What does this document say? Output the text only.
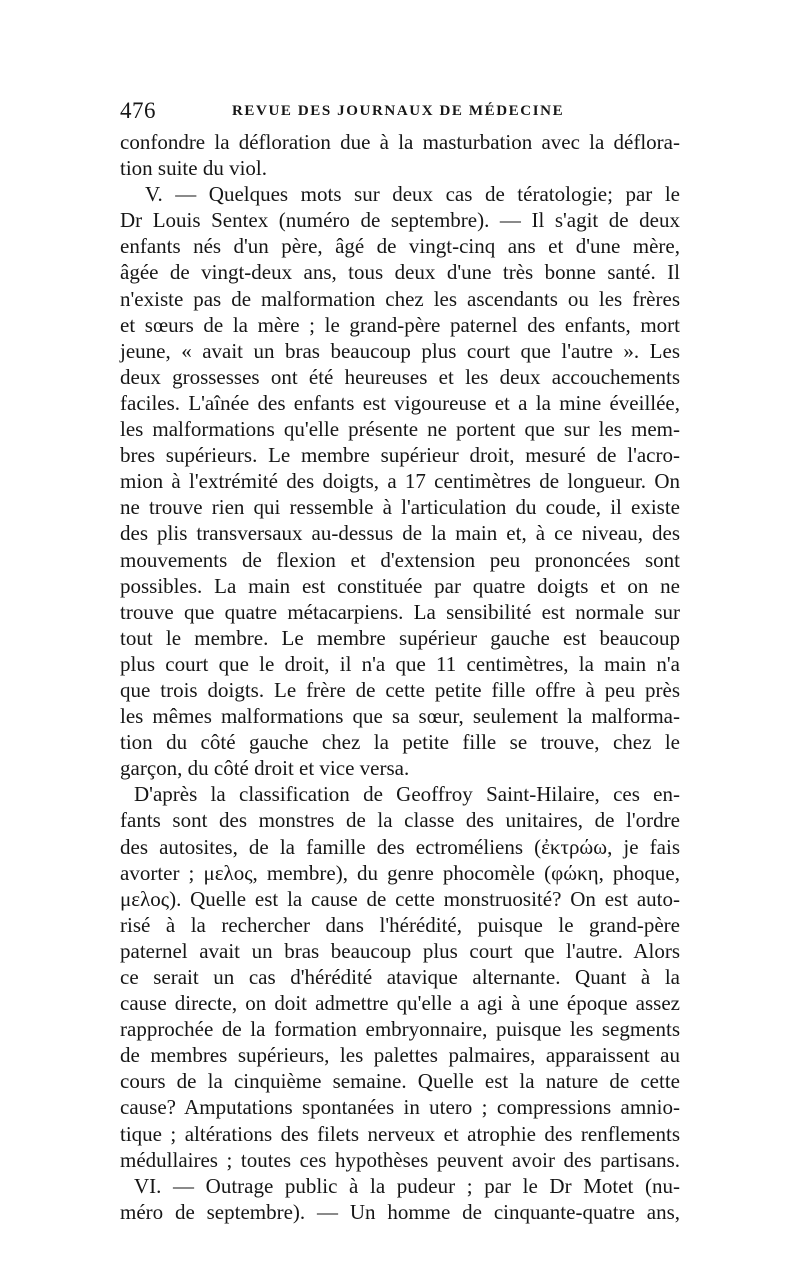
476	REVUE DES JOURNAUX DE MÉDECINE
confondre la défloration due à la masturbation avec la déflora-
tion suite du viol.
V. — Quelques mots sur deux cas de tératologie; par le
Dr Louis Sentex (numéro de septembre). — Il s'agit de deux
enfants nés d'un père, âgé de vingt-cinq ans et d'une mère,
âgée de vingt-deux ans, tous deux d'une très bonne santé. Il
n'existe pas de malformation chez les ascendants ou les frères
et sœurs de la mère ; le grand-père paternel des enfants, mort
jeune, « avait un bras beaucoup plus court que l'autre ». Les
deux grossesses ont été heureuses et les deux accouchements
faciles. L'aînée des enfants est vigoureuse et a la mine éveillée,
les malformations qu'elle présente ne portent que sur les mem-
bres supérieurs. Le membre supérieur droit, mesuré de l'acro-
mion à l'extrémité des doigts, a 17 centimètres de longueur. On
ne trouve rien qui ressemble à l'articulation du coude, il existe
des plis transversaux au-dessus de la main et, à ce niveau, des
mouvements de flexion et d'extension peu prononcées sont
possibles. La main est constituée par quatre doigts et on ne
trouve que quatre métacarpiens. La sensibilité est normale sur
tout le membre. Le membre supérieur gauche est beaucoup
plus court que le droit, il n'a que 11 centimètres, la main n'a
que trois doigts. Le frère de cette petite fille offre à peu près
les mêmes malformations que sa sœur, seulement la malforma-
tion du côté gauche chez la petite fille se trouve, chez le
garçon, du côté droit et vice versa.
D'après la classification de Geoffroy Saint-Hilaire, ces en-
fants sont des monstres de la classe des unitaires, de l'ordre
des autosites, de la famille des ectroméliens (ἐκτρώω, je fais
avorter ; μελος, membre), du genre phocomèle (φώκη, phoque,
μελος). Quelle est la cause de cette monstruosité? On est auto-
risé à la rechercher dans l'hérédité, puisque le grand-père
paternel avait un bras beaucoup plus court que l'autre. Alors
ce serait un cas d'hérédité atavique alternante. Quant à la
cause directe, on doit admettre qu'elle a agi à une époque assez
rapprochée de la formation embryonnaire, puisque les segments
de membres supérieurs, les palettes palmaires, apparaissent au
cours de la cinquième semaine. Quelle est la nature de cette
cause? Amputations spontanées in utero ; compressions amnio-
tique ; altérations des filets nerveux et atrophie des renflements
médullaires ; toutes ces hypothèses peuvent avoir des partisans.
VI. — Outrage public à la pudeur ; par le Dr Motet (nu-
méro de septembre). — Un homme de cinquante-quatre ans,
